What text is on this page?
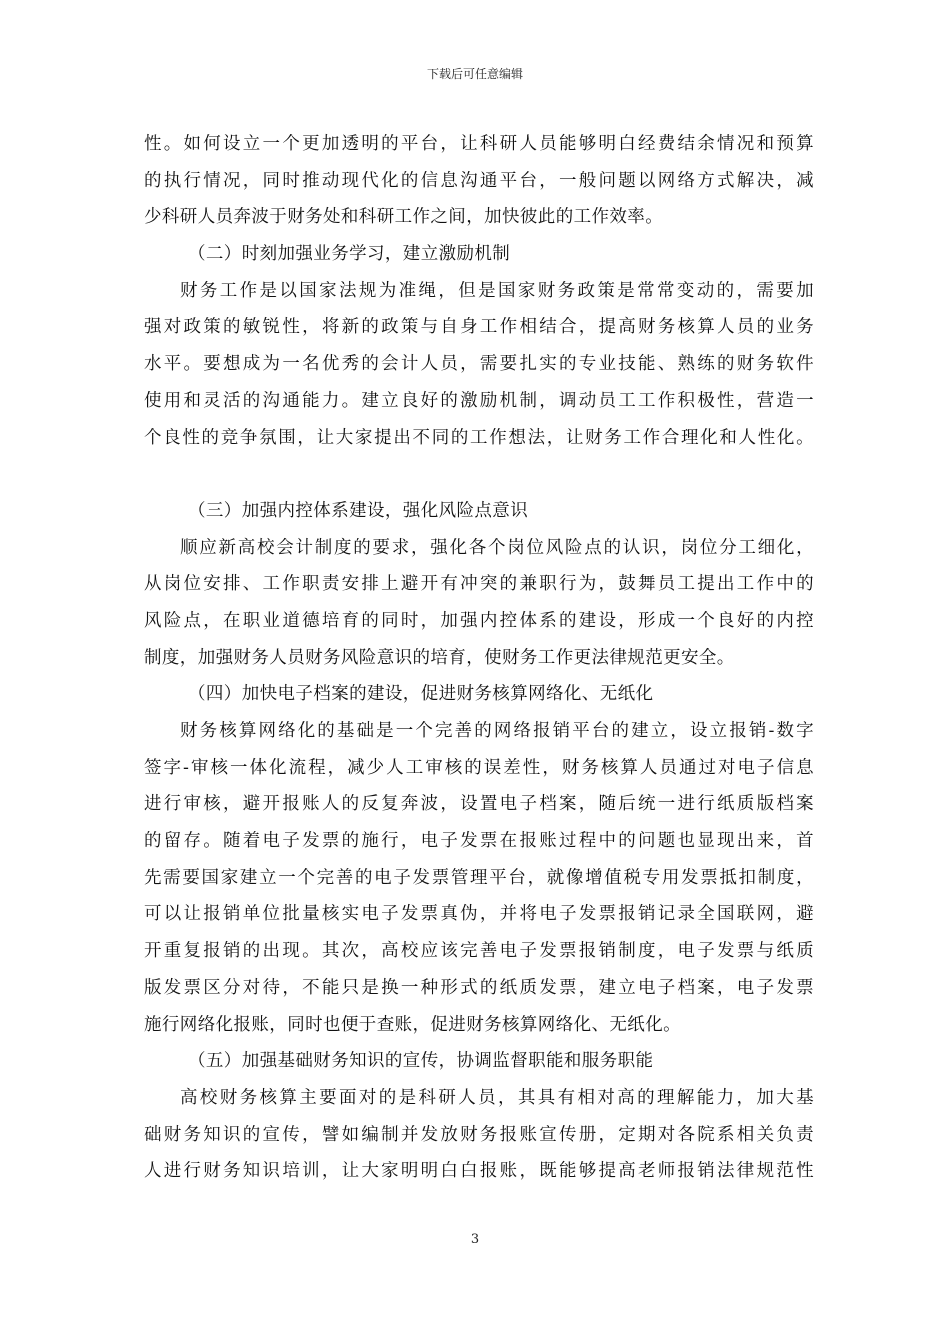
下载后可任意编辑
性。如何设立一个更加透明的平台，让科研人员能够明白经费结余情况和预算
的执行情况，同时推动现代化的信息沟通平台，一般问题以网络方式解决，减
少科研人员奔波于财务处和科研工作之间，加快彼此的工作效率。
（二）时刻加强业务学习，建立激励机制
财务工作是以国家法规为准绳，但是国家财务政策是常常变动的，需要加
强对政策的敏锐性，将新的政策与自身工作相结合，提高财务核算人员的业务
水平。要想成为一名优秀的会计人员，需要扎实的专业技能、熟练的财务软件
使用和灵活的沟通能力。建立良好的激励机制，调动员工工作积极性，营造一
个良性的竞争氛围，让大家提出不同的工作想法，让财务工作合理化和人性化。
（三）加强内控体系建设，强化风险点意识
顺应新高校会计制度的要求，强化各个岗位风险点的认识，岗位分工细化，
从岗位安排、工作职责安排上避开有冲突的兼职行为，鼓舞员工提出工作中的
风险点，在职业道德培育的同时，加强内控体系的建设，形成一个良好的内控
制度，加强财务人员财务风险意识的培育，使财务工作更法律规范更安全。
（四）加快电子档案的建设，促进财务核算网络化、无纸化
财务核算网络化的基础是一个完善的网络报销平台的建立，设立报销-数字
签字-审核一体化流程，减少人工审核的误差性，财务核算人员通过对电子信息
进行审核，避开报账人的反复奔波，设置电子档案，随后统一进行纸质版档案
的留存。随着电子发票的施行，电子发票在报账过程中的问题也显现出来，首
先需要国家建立一个完善的电子发票管理平台，就像增值税专用发票抵扣制度，
可以让报销单位批量核实电子发票真伪，并将电子发票报销记录全国联网，避
开重复报销的出现。其次，高校应该完善电子发票报销制度，电子发票与纸质
版发票区分对待，不能只是换一种形式的纸质发票，建立电子档案，电子发票
施行网络化报账，同时也便于查账，促进财务核算网络化、无纸化。
（五）加强基础财务知识的宣传，协调监督职能和服务职能
高校财务核算主要面对的是科研人员，其具有相对高的理解能力，加大基
础财务知识的宣传，譬如编制并发放财务报账宣传册，定期对各院系相关负责
人进行财务知识培训，让大家明明白白报账，既能够提高老师报销法律规范性
3
